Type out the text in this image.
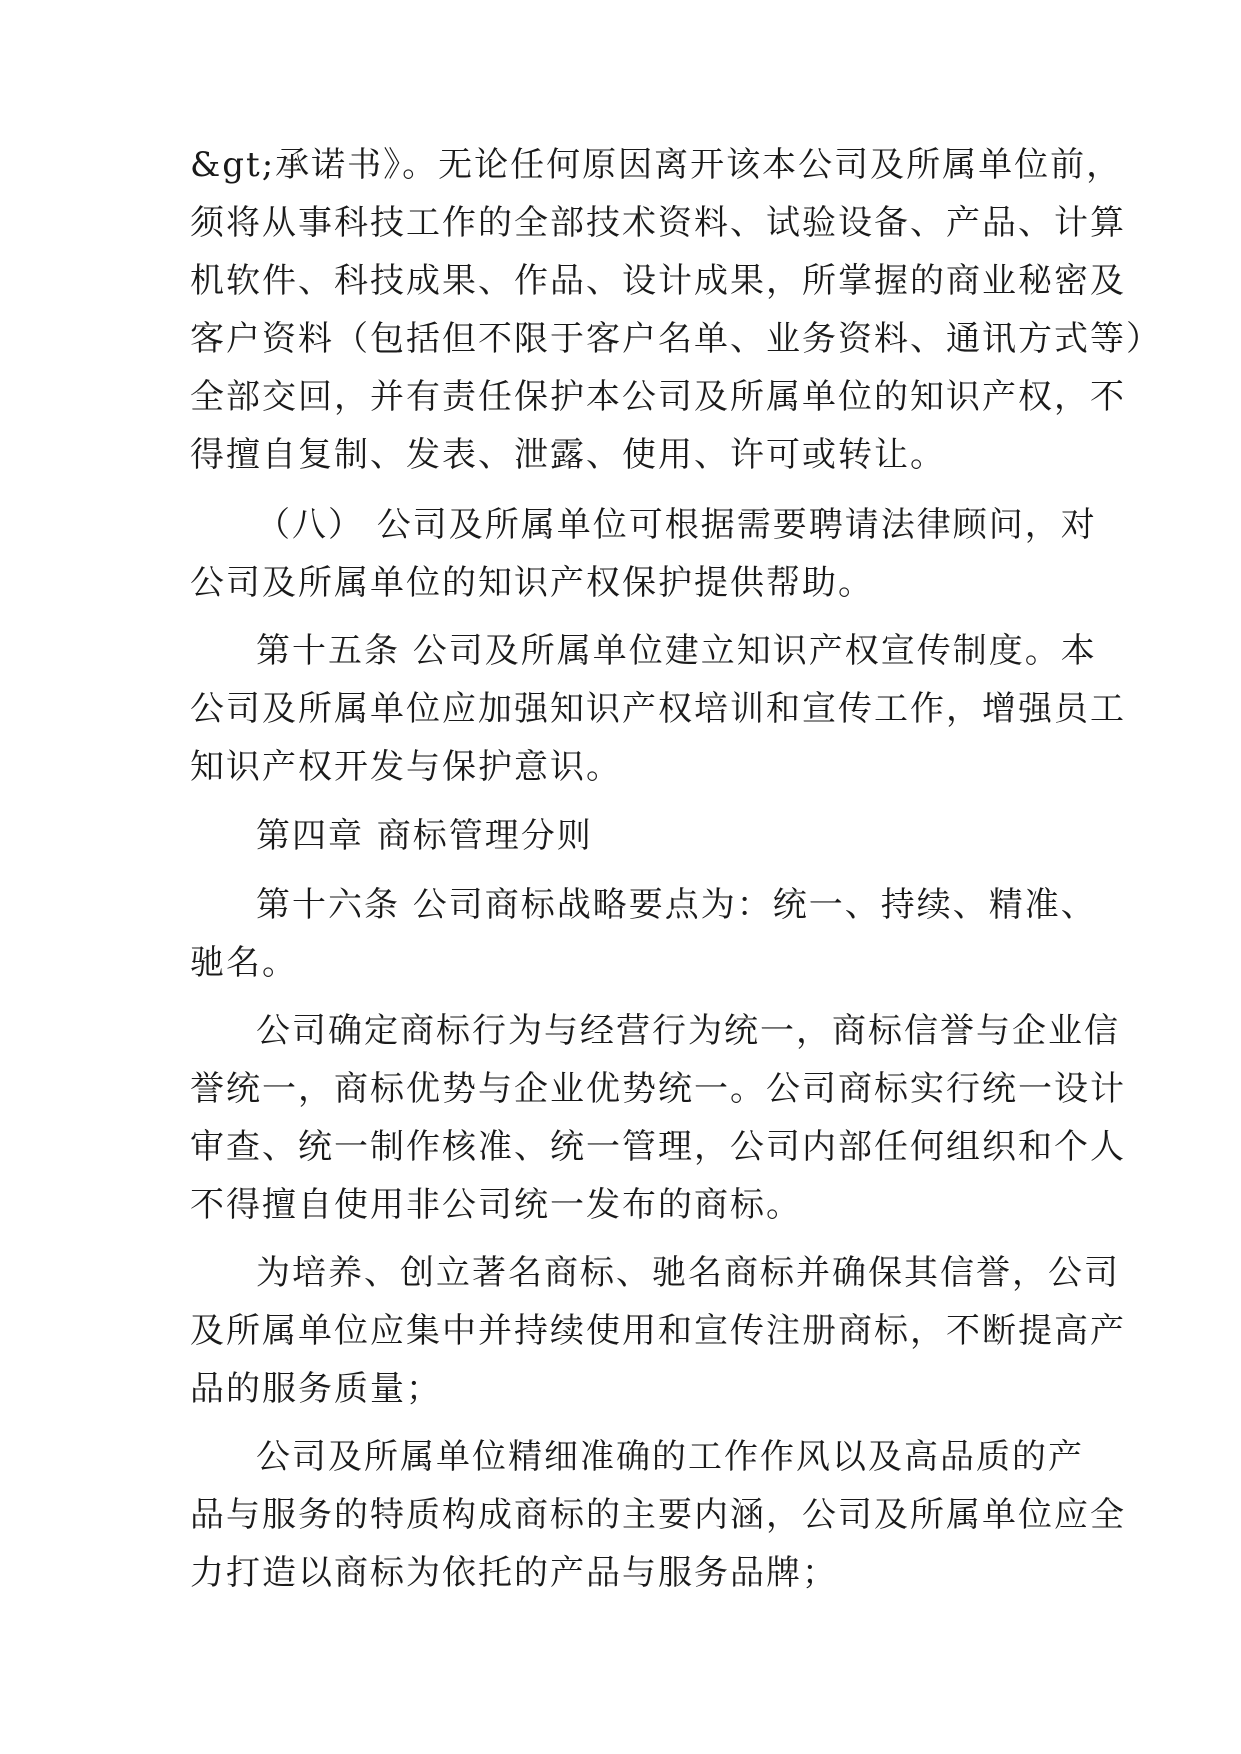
&gt;承诺书》。无论任何原因离开该本公司及所属单位前，
须将从事科技工作的全部技术资料、试验设备、产品、计算
机软件、科技成果、作品、设计成果，所掌握的商业秘密及
客户资料（包括但不限于客户名单、业务资料、通讯方式等）
全部交回，并有责任保护本公司及所属单位的知识产权，不
得擅自复制、发表、泄露、使用、许可或转让。
（八） 公司及所属单位可根据需要聘请法律顾问，对
公司及所属单位的知识产权保护提供帮助。
第十五条 公司及所属单位建立知识产权宣传制度。本
公司及所属单位应加强知识产权培训和宣传工作，增强员工
知识产权开发与保护意识。
第四章 商标管理分则
第十六条 公司商标战略要点为：统一、持续、精准、
驰名。
公司确定商标行为与经营行为统一，商标信誉与企业信
誉统一，商标优势与企业优势统一。公司商标实行统一设计
审查、统一制作核准、统一管理，公司内部任何组织和个人
不得擅自使用非公司统一发布的商标。
为培养、创立著名商标、驰名商标并确保其信誉，公司
及所属单位应集中并持续使用和宣传注册商标，不断提高产
品的服务质量；
公司及所属单位精细准确的工作作风以及高品质的产
品与服务的特质构成商标的主要内涵，公司及所属单位应全
力打造以商标为依托的产品与服务品牌；
